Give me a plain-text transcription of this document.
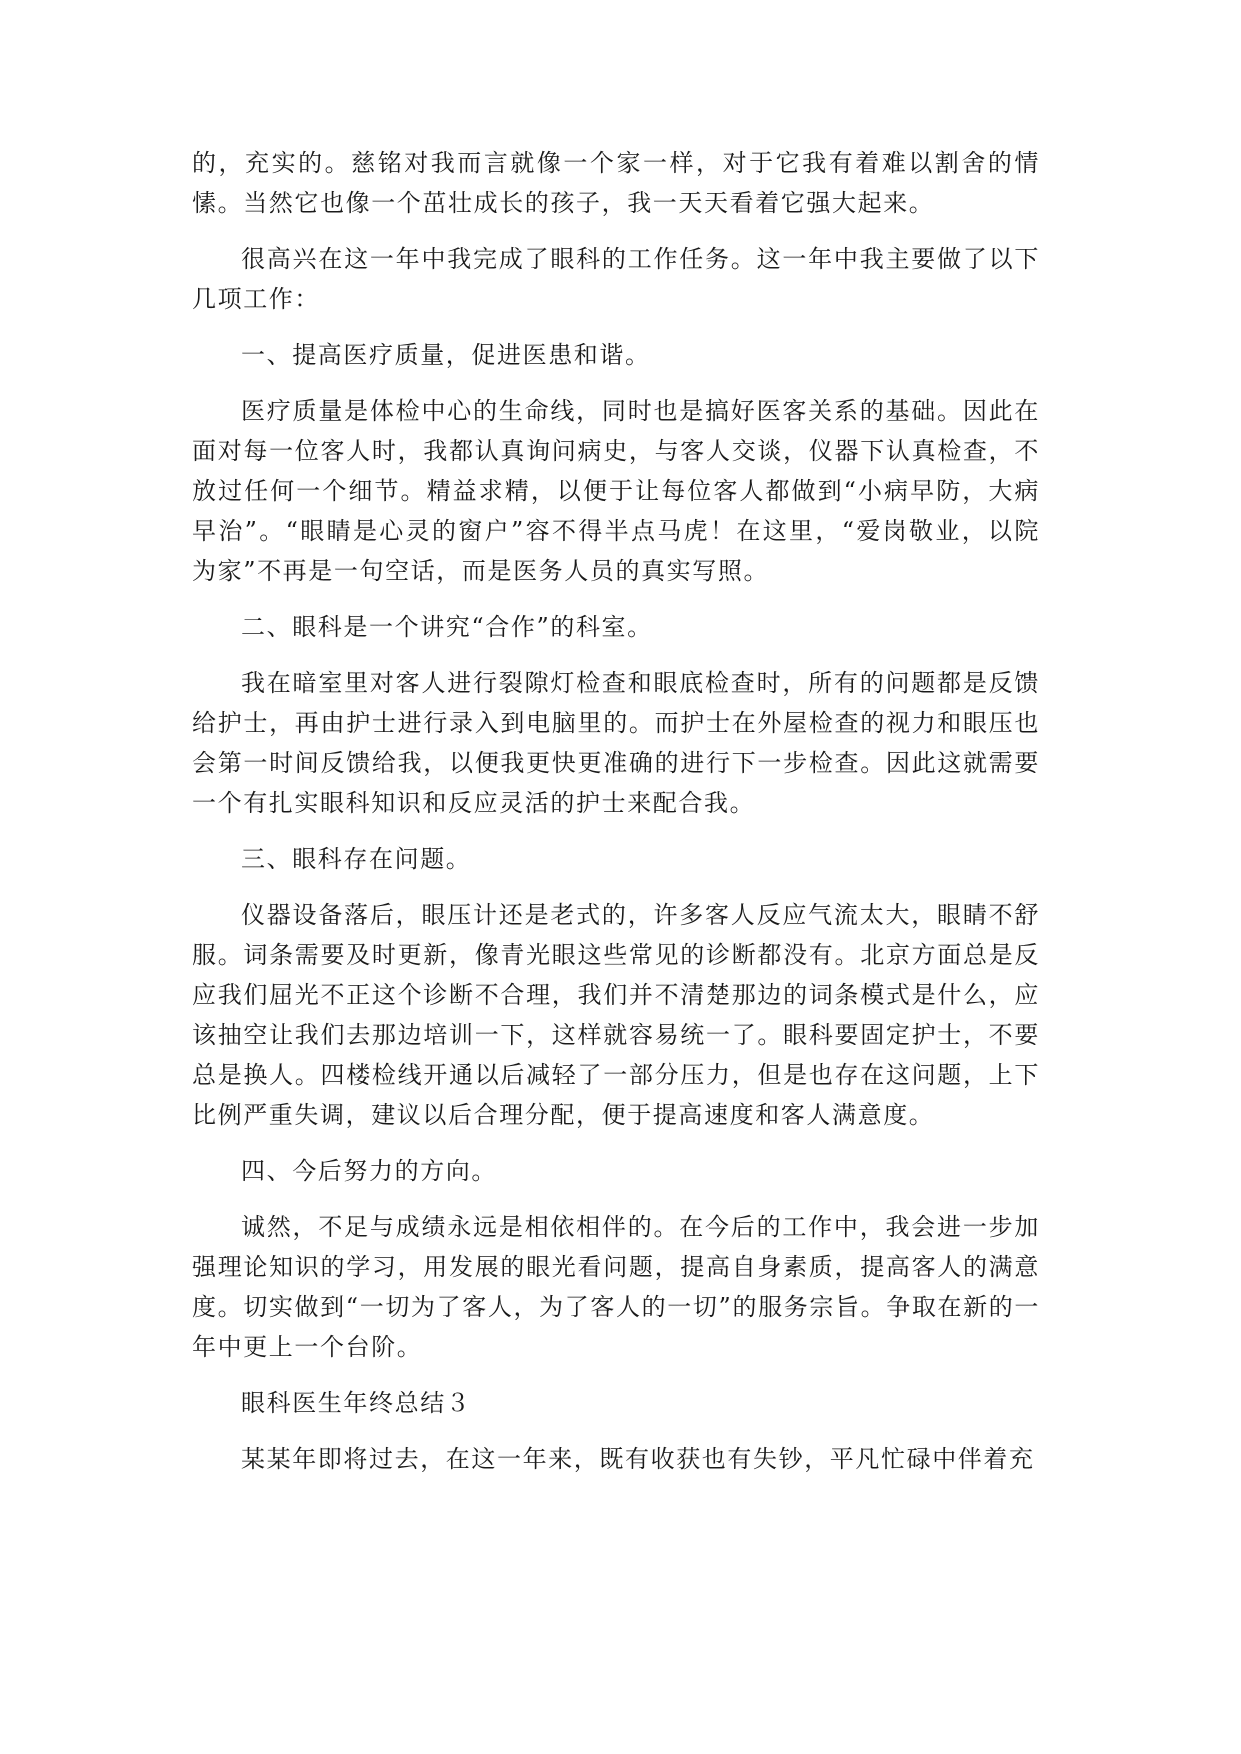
的，充实的。慈铭对我而言就像一个家一样，对于它我有着难以割舍的情愫。当然它也像一个茁壮成长的孩子，我一天天看着它强大起来。

很高兴在这一年中我完成了眼科的工作任务。这一年中我主要做了以下几项工作：

一、提高医疗质量，促进医患和谐。

医疗质量是体检中心的生命线，同时也是搞好医客关系的基础。因此在面对每一位客人时，我都认真询问病史，与客人交谈，仪器下认真检查，不放过任何一个细节。精益求精，以便于让每位客人都做到“小病早防，大病早治”。“眼睛是心灵的窗户”容不得半点马虎！在这里，“爱岗敬业，以院为家”不再是一句空话，而是医务人员的真实写照。

二、眼科是一个讲究“合作”的科室。

我在暗室里对客人进行裂隙灯检查和眼底检查时，所有的问题都是反馈给护士，再由护士进行录入到电脑里的。而护士在外屋检查的视力和眼压也会第一时间反馈给我，以便我更快更准确的进行下一步检查。因此这就需要一个有扎实眼科知识和反应灵活的护士来配合我。

三、眼科存在问题。

仪器设备落后，眼压计还是老式的，许多客人反应气流太大，眼睛不舒服。词条需要及时更新，像青光眼这些常见的诊断都没有。北京方面总是反应我们屈光不正这个诊断不合理，我们并不清楚那边的词条模式是什么，应该抽空让我们去那边培训一下，这样就容易统一了。眼科要固定护士，不要总是换人。四楼检线开通以后减轻了一部分压力，但是也存在这问题，上下比例严重失调，建议以后合理分配，便于提高速度和客人满意度。

四、今后努力的方向。

诚然，不足与成绩永远是相依相伴的。在今后的工作中，我会进一步加强理论知识的学习，用发展的眼光看问题，提高自身素质，提高客人的满意度。切实做到“一切为了客人，为了客人的一切”的服务宗旨。争取在新的一年中更上一个台阶。

眼科医生年终总结３

某某年即将过去，在这一年来，既有收获也有失钞，平凡忙碌中伴着充
